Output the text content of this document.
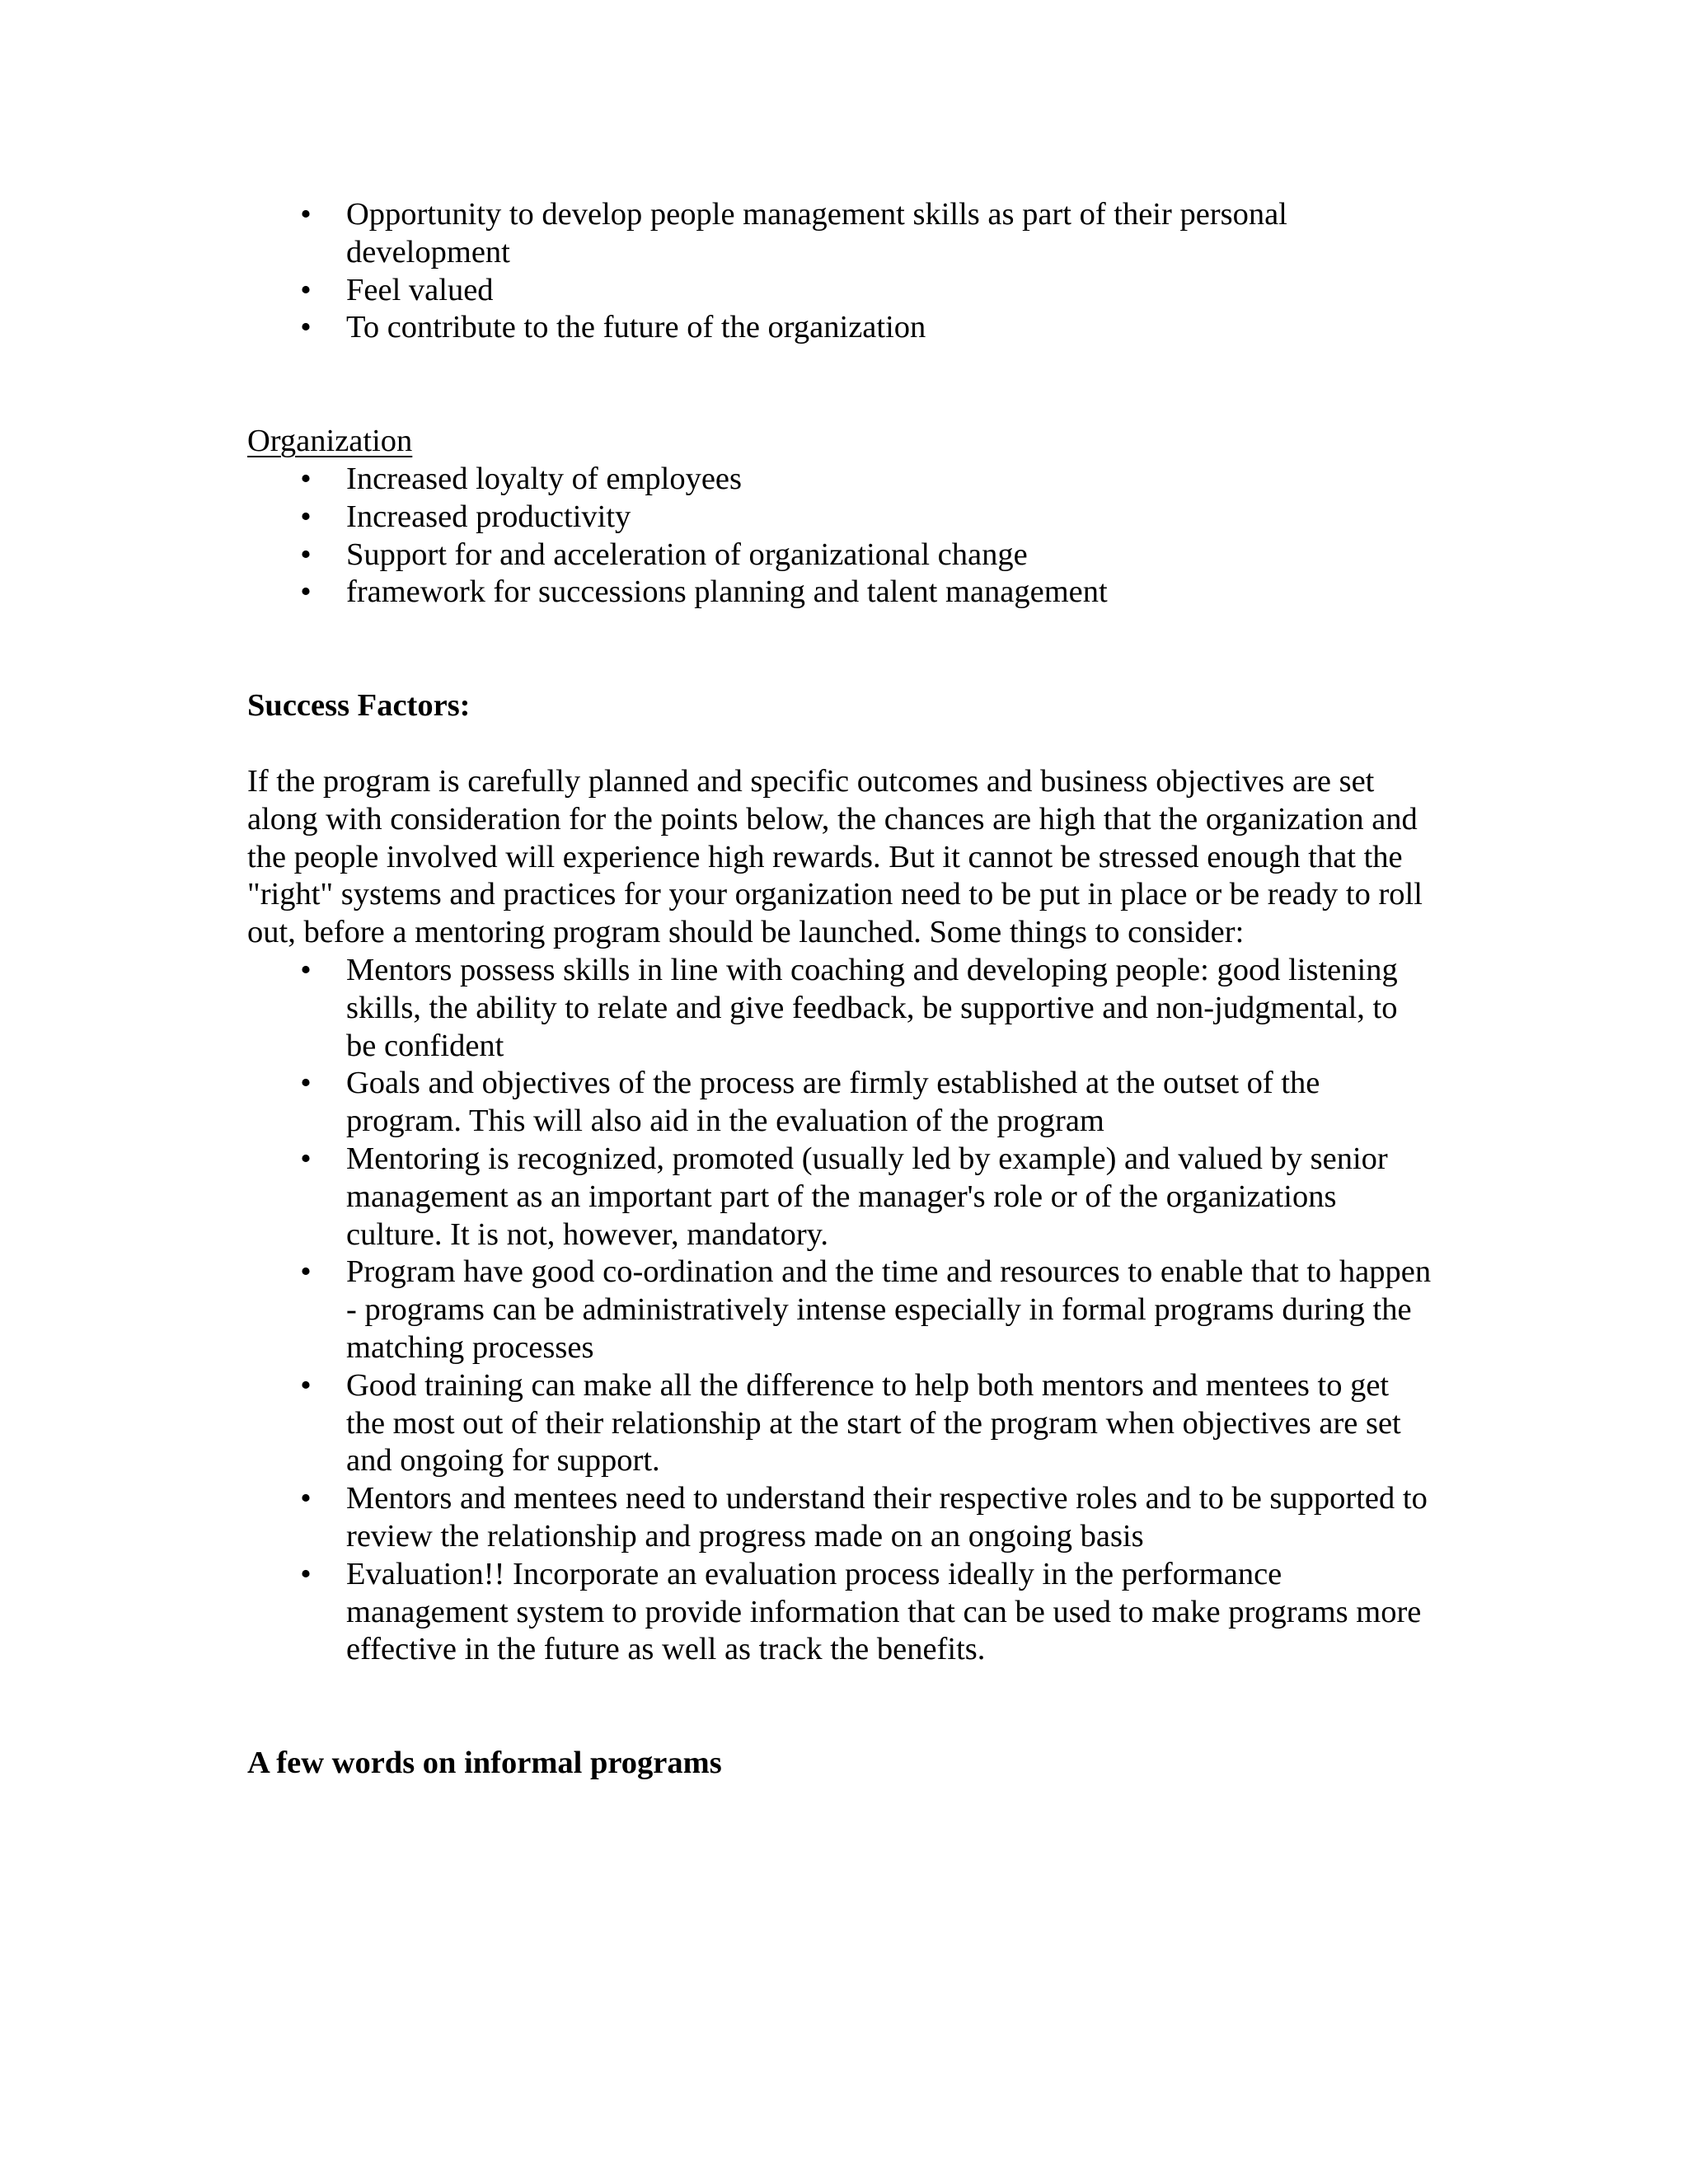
• Opportunity to develop people management skills as part of their personal development
• Feel valued
• To contribute to the future of the organization
Organization
• Increased loyalty of employees
• Increased productivity
• Support for and acceleration of organizational change
• framework for successions planning and talent management
Success Factors:

If the program is carefully planned and specific outcomes and business objectives are set along with consideration for the points below, the chances are high that the organization and the people involved will experience high rewards. But it cannot be stressed enough that the "right" systems and practices for your organization need to be put in place or be ready to roll out, before a mentoring program should be launched. Some things to consider:

• Mentors possess skills in line with coaching and developing people: good listening skills, the ability to relate and give feedback, be supportive and non-judgmental, to be confident
• Goals and objectives of the process are firmly established at the outset of the program. This will also aid in the evaluation of the program
• Mentoring is recognized, promoted (usually led by example) and valued by senior management as an important part of the manager's role or of the organizations culture. It is not, however, mandatory.
• Program have good co-ordination and the time and resources to enable that to happen - programs can be administratively intense especially in formal programs during the matching processes
• Good training can make all the difference to help both mentors and mentees to get the most out of their relationship at the start of the program when objectives are set and ongoing for support.
• Mentors and mentees need to understand their respective roles and to be supported to review the relationship and progress made on an ongoing basis
• Evaluation!! Incorporate an evaluation process ideally in the performance management system to provide information that can be used to make programs more effective in the future as well as track the benefits.
A few words on informal programs
